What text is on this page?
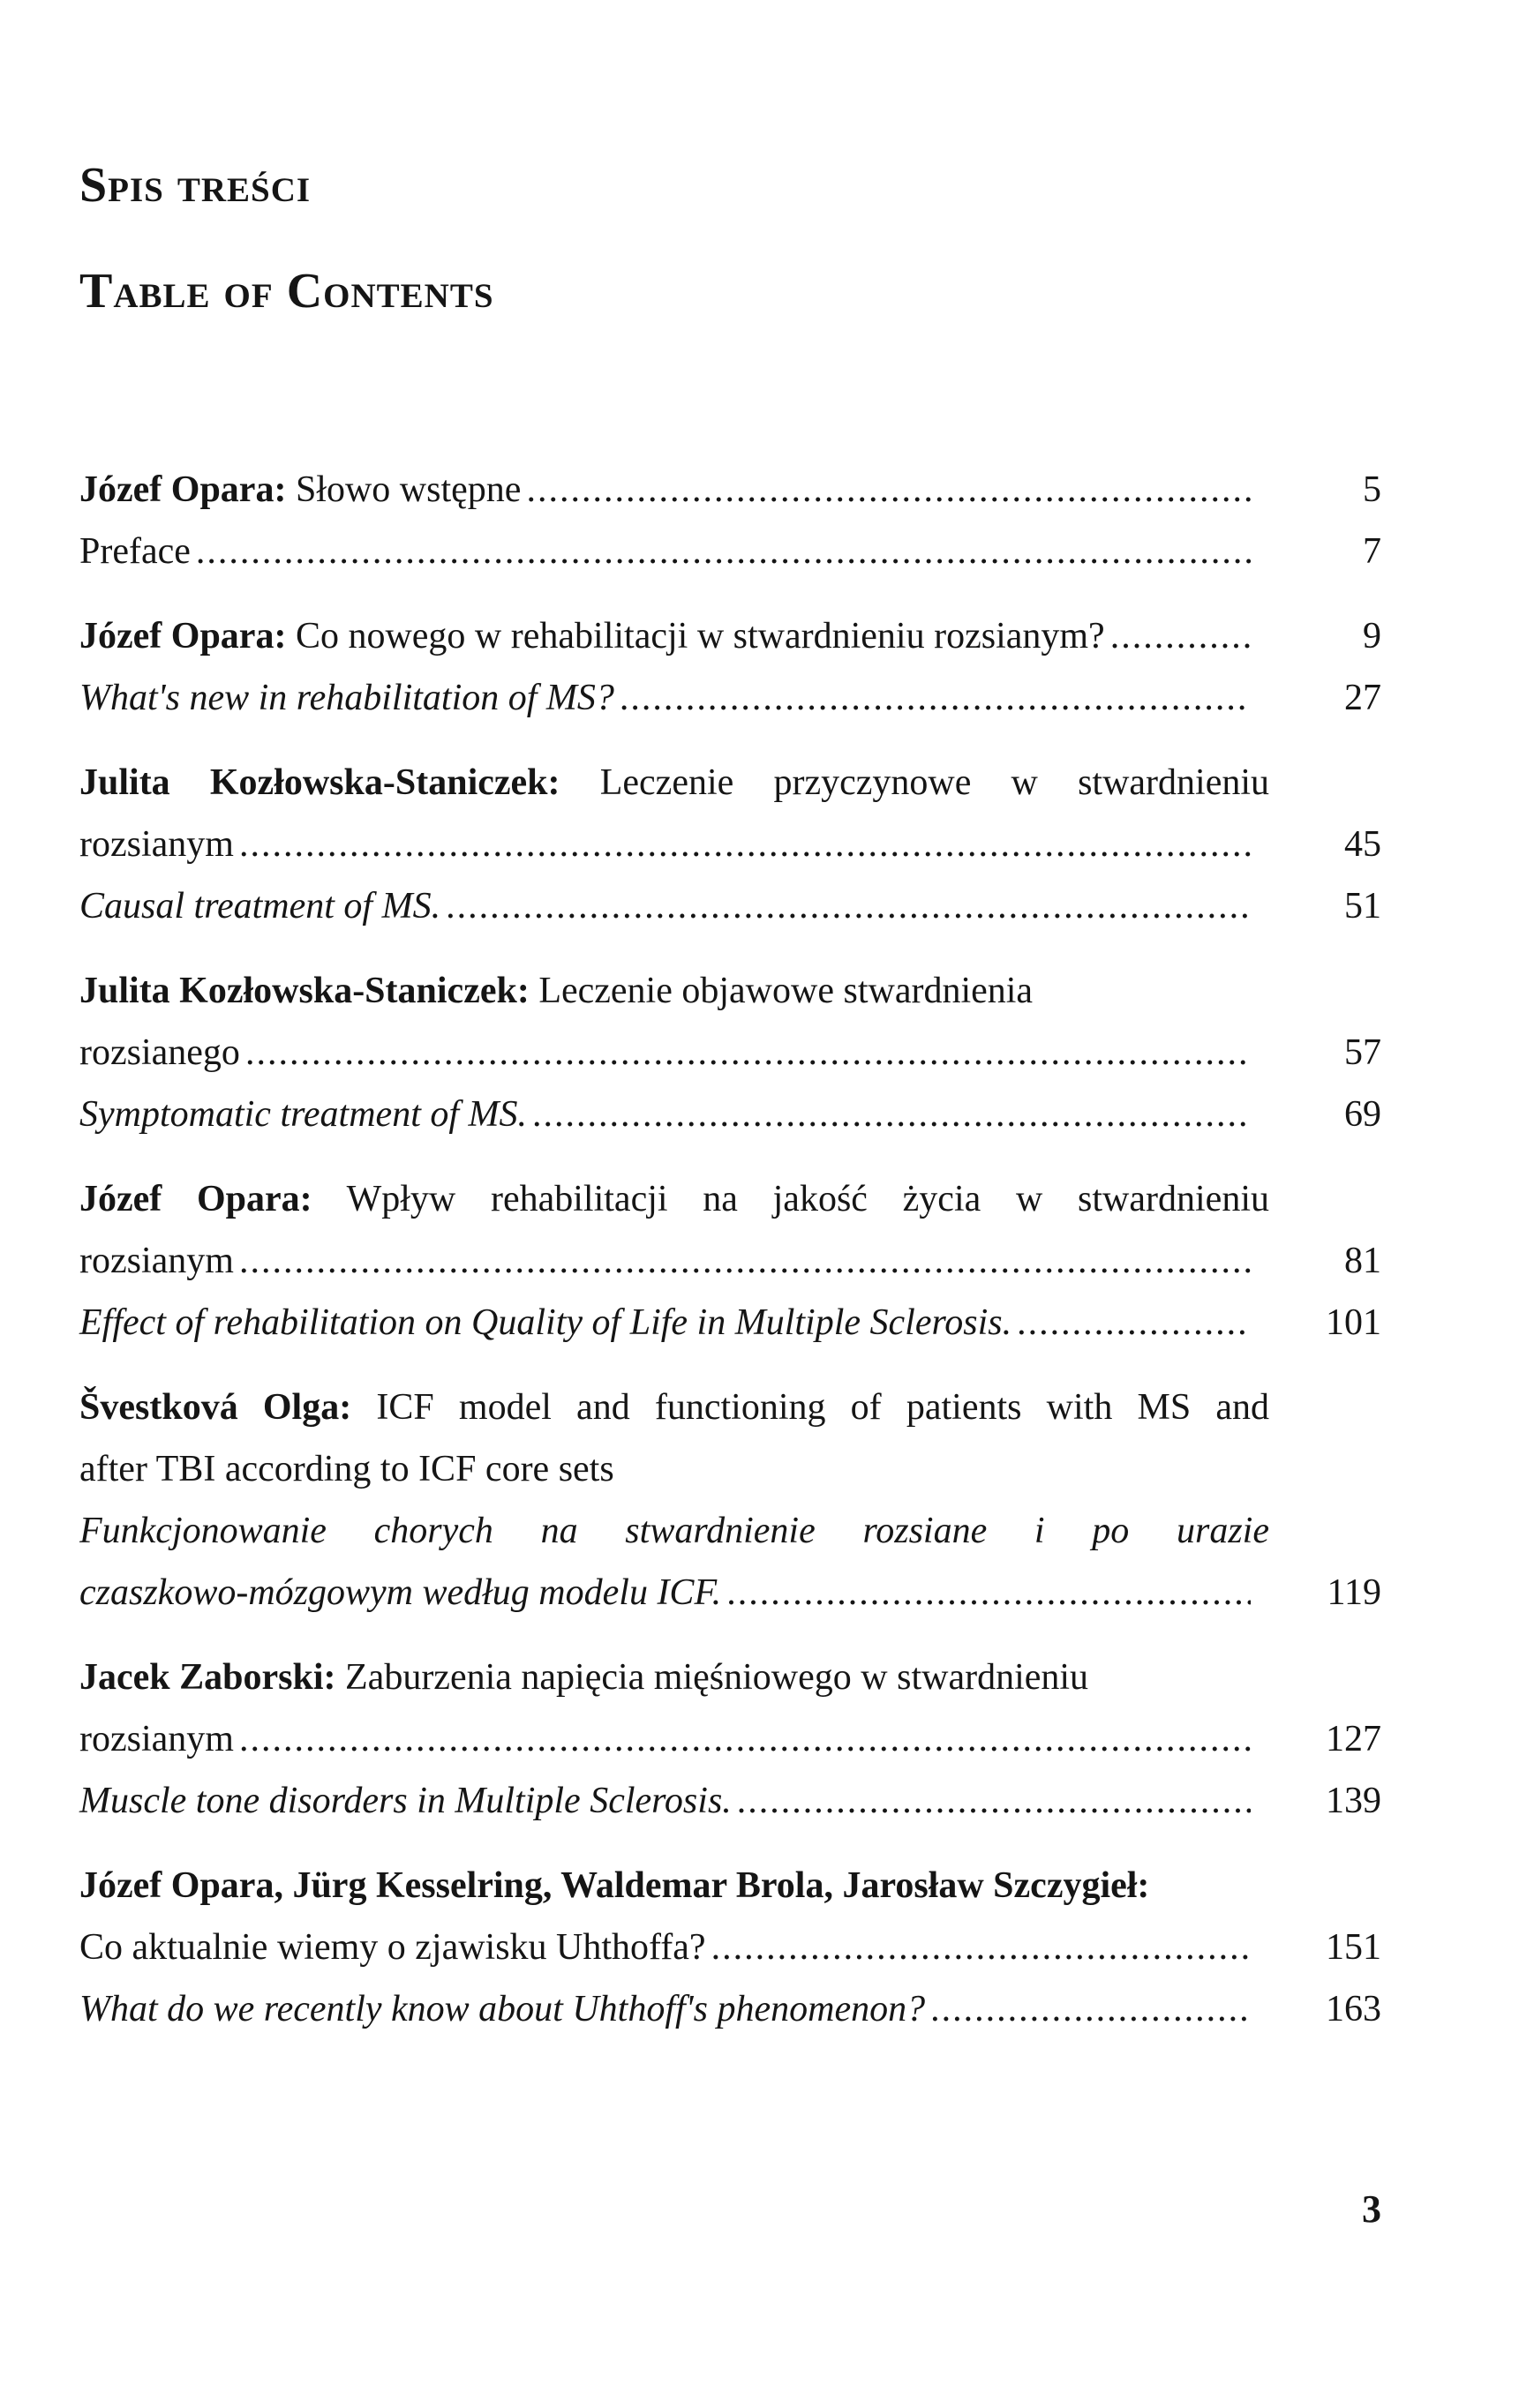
Spis treści
Table of Contents
Józef Opara: Słowo wstępne .....	5
Preface .....	7
Józef Opara: Co nowego w rehabilitacji w stwardnieniu rozsianym? .....	9
What's new in rehabilitation of MS? .....	27
Julita Kozłowska-Staniczek: Leczenie przyczynowe w stwardnieniu
rozsianym .....	45
Causal treatment of MS. .....	51
Julita Kozłowska-Staniczek: Leczenie objawowe stwardnienia
rozsianego .....	57
Symptomatic treatment of MS. .....	69
Józef Opara: Wpływ rehabilitacji na jakość życia w stwardnieniu
rozsianym .....	81
Effect of rehabilitation on Quality of Life in Multiple Sclerosis. .....	101
Švestková Olga: ICF model and functioning of patients with MS and
after TBI according to ICF core sets
Funkcjonowanie chorych na stwardnienie rozsiane i po urazie
czaszkowo-mózgowym według modelu ICF. .....	119
Jacek Zaborski: Zaburzenia napięcia mięśniowego w stwardnieniu
rozsianym .....	127
Muscle tone disorders in Multiple Sclerosis. .....	139
Józef Opara, Jürg Kesselring, Waldemar Brola, Jarosław Szczygieł:
Co aktualnie wiemy o zjawisku Uhthoffa? .....	151
What do we recently know about Uhthoff's phenomenon? .....	163
3
